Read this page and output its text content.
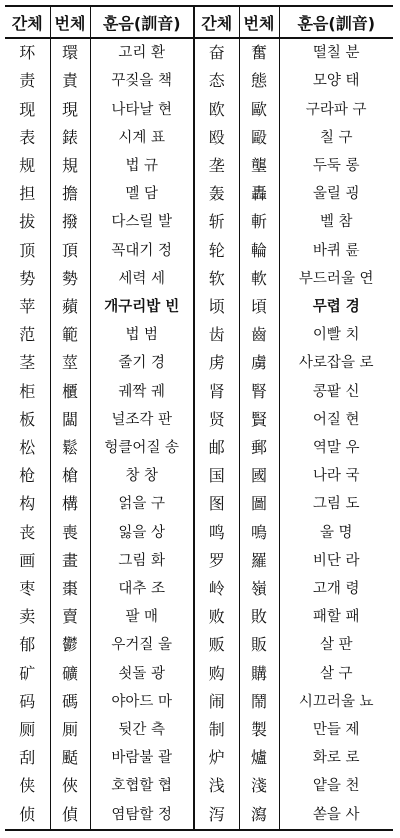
간체	번체	훈음(訓音)	간체	번체	훈음(訓音)
环	環	고리 환	奋	奮	떨칠 분
责	責	꾸짖을 책	态	態	모양 태
现	現	나타날 현	欧	歐	구라파 구
表	錶	시계 표	殴	毆	칠 구
规	規	법 규	垄	壟	두둑 롱
担	擔	멜 담	轰	轟	울릴 굉
拔	撥	다스릴 발	斩	斬	벨 참
顶	頂	꼭대기 정	轮	輪	바퀴 륜
势	勢	세력 세	软	軟	부드러울 연
苹	蘋	개구리밥 빈	顷	頃	무렵 경
范	範	법 범	齿	齒	이빨 치
茎	莖	줄기 경	虏	虜	사로잡을 로
柜	櫃	궤짝 궤	肾	腎	콩팥 신
板	闆	널조각 판	贤	賢	어질 현
松	鬆	헝클어질 송	邮	郵	역말 우
枪	槍	창 창	国	國	나라 국
构	構	얽을 구	图	圖	그림 도
丧	喪	잃을 상	鸣	鳴	울 명
画	畫	그림 화	罗	羅	비단 라
枣	棗	대추 조	岭	嶺	고개 령
卖	賣	팔 매	败	敗	패할 패
郁	鬱	우거질 울	贩	販	살 판
矿	礦	쇳돌 광	购	購	살 구
码	碼	야아드 마	闹	鬧	시끄러울 뇨
厕	厠	뒷간 측	制	製	만들 제
刮	颳	바람불 괄	炉	爐	화로 로
侠	俠	호협할 협	浅	淺	얕을 천
侦	偵	염탐할 정	泻	瀉	쏟을 사
